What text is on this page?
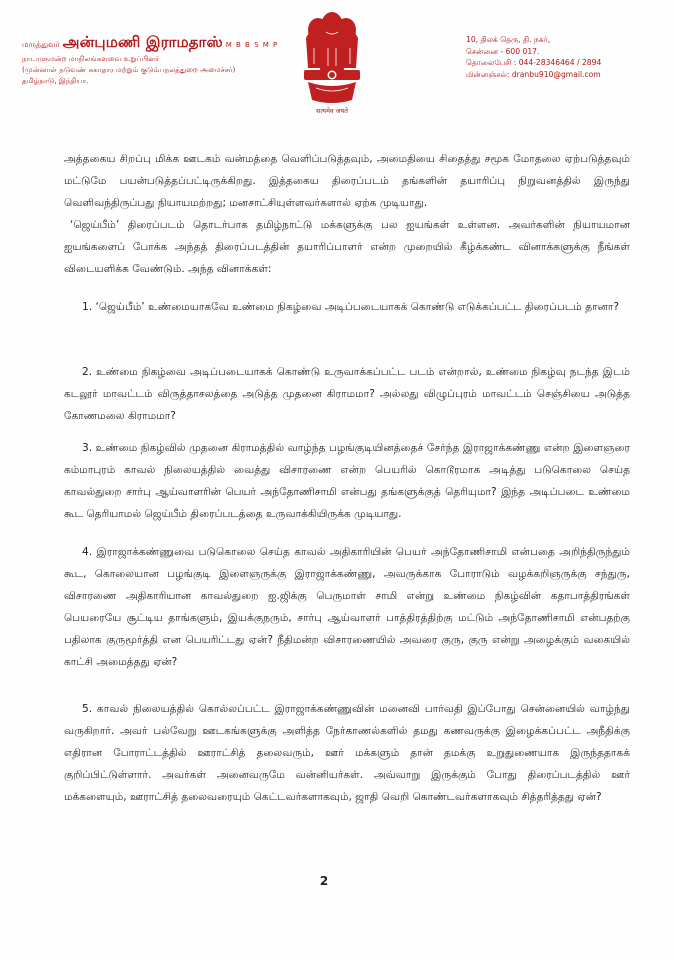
மருத்துவர் அன்புமணி இராமதாஸ் M B B S M P
நாடாளுமன்ற மாநிலங்களவை உறுப்பினர்
(முன்னாள் நடுவண் சுகாதார மற்றும் குடும்பநலத்துறை அமைச்சர்)
தமிழ்நாடு, இந்தியா.
सत्यमेव जयते
10, திலக் தெரு, தி. நகர்,
சென்னை - 600 017.
தொலைபேசி : 044-28346464 / 2894
மின்னஞ்சல்: dranbu910@gmail.com

அத்தகைய சிறப்பு மிக்க ஊடகம் வன்மத்தை வெளிப்படுத்தவும், அமைதியை சிதைத்து சமூக மோதலை ஏற்படுத்தவும் மட்டுமே பயன்படுத்தப்பட்டிருக்கிறது. இத்தகைய திரைப்படம் தங்களின் தயாரிப்பு நிறுவனத்தில் இருந்து வெளிவந்திருப்பது நியாயமற்றது; மனசாட்சியுள்ளவர்களால் ஏற்க முடியாது.

‘ஜெய்பீம்’ திரைப்படம் தொடர்பாக தமிழ்நாட்டு மக்களுக்கு பல ஐயங்கள் உள்ளன. அவர்களின் நியாயமான ஐயங்களைப் போக்க அந்தத் திரைப்படத்தின் தயாரிப்பாளர் என்ற முறையில் கீழ்க்கண்ட வினாக்களுக்கு நீங்கள் விடையளிக்க வேண்டும். அந்த வினாக்கள்:

1. ‘ஜெய்பீம்’ உண்மையாகவே உண்மை நிகழ்வை அடிப்படையாகக் கொண்டு எடுக்கப்பட்ட திரைப்படம் தானா?

2. உண்மை நிகழ்வை அடிப்படையாகக் கொண்டு உருவாக்கப்பட்ட படம் என்றால், உண்மை நிகழ்வு நடந்த இடம் கடலூர் மாவட்டம் விருத்தாசலத்தை அடுத்த முதனை கிராமமா? அல்லது விழுப்புரம் மாவட்டம் செஞ்சியை அடுத்த கோணமலை கிராமமா?

3. உண்மை நிகழ்வில் முதனை கிராமத்தில் வாழ்ந்த பழங்குடியினத்தைச் சேர்ந்த இராஜாக்கண்ணு என்ற இளைஞரை கம்மாபுரம் காவல் நிலையத்தில் வைத்து விசாரணை என்ற பெயரில் கொடூரமாக அடித்து படுகொலை செய்த காவல்துறை சார்பு ஆய்வாளரின் பெயர் அந்தோணிசாமி என்பது தங்களுக்குத் தெரியுமா? இந்த அடிப்படை உண்மை கூட தெரியாமல் ஜெய்பீம் திரைப்படத்தை உருவாக்கியிருக்க முடியாது.

4. இராஜாக்கண்ணுவை படுகொலை செய்த காவல் அதிகாரியின் பெயர் அந்தோணிசாமி என்பதை அறிந்திருந்தும் கூட, கொலையான பழங்குடி இளைஞருக்கு இராஜாக்கண்ணு, அவருக்காக போராடும் வழக்கறிஞருக்கு சந்துரு, விசாரணை அதிகாரியான காவல்துறை ஐ.ஜிக்கு பெருமாள் சாமி என்று உண்மை நிகழ்வின் கதாபாத்திரங்கள் பெயரையே சூட்டிய தாங்களும், இயக்குநரும், சார்பு ஆய்வாளர் பாத்திரத்திற்கு மட்டும் அந்தோணிசாமி என்பதற்கு பதிலாக குருமூர்த்தி என பெயரிட்டது ஏன்? நீதிமன்ற விசாரணையில் அவரை குரு, குரு என்று அழைக்கும் வகையில் காட்சி அமைத்தது ஏன்?

5. காவல் நிலையத்தில் கொல்லப்பட்ட இராஜாக்கண்ணுவின் மனைவி பார்வதி இப்போது சென்னையில் வாழ்ந்து வருகிறார். அவர் பல்வேறு ஊடகங்களுக்கு அளித்த நேர்காணல்களில் தமது கணவருக்கு இழைக்கப்பட்ட அநீதிக்கு எதிரான போராட்டத்தில் ஊராட்சித் தலைவரும், ஊர் மக்களும் தான் தமக்கு உறுதுணையாக இருந்ததாகக் குறிப்பிட்டுள்ளார். அவர்கள் அனைவருமே வன்னியர்கள். அவ்வாறு இருக்கும் போது திரைப்படத்தில் ஊர் மக்களையும், ஊராட்சித் தலைவரையும் கெட்டவர்களாகவும், ஜாதி வெறி கொண்டவர்களாகவும் சித்தரித்தது ஏன்?

2
